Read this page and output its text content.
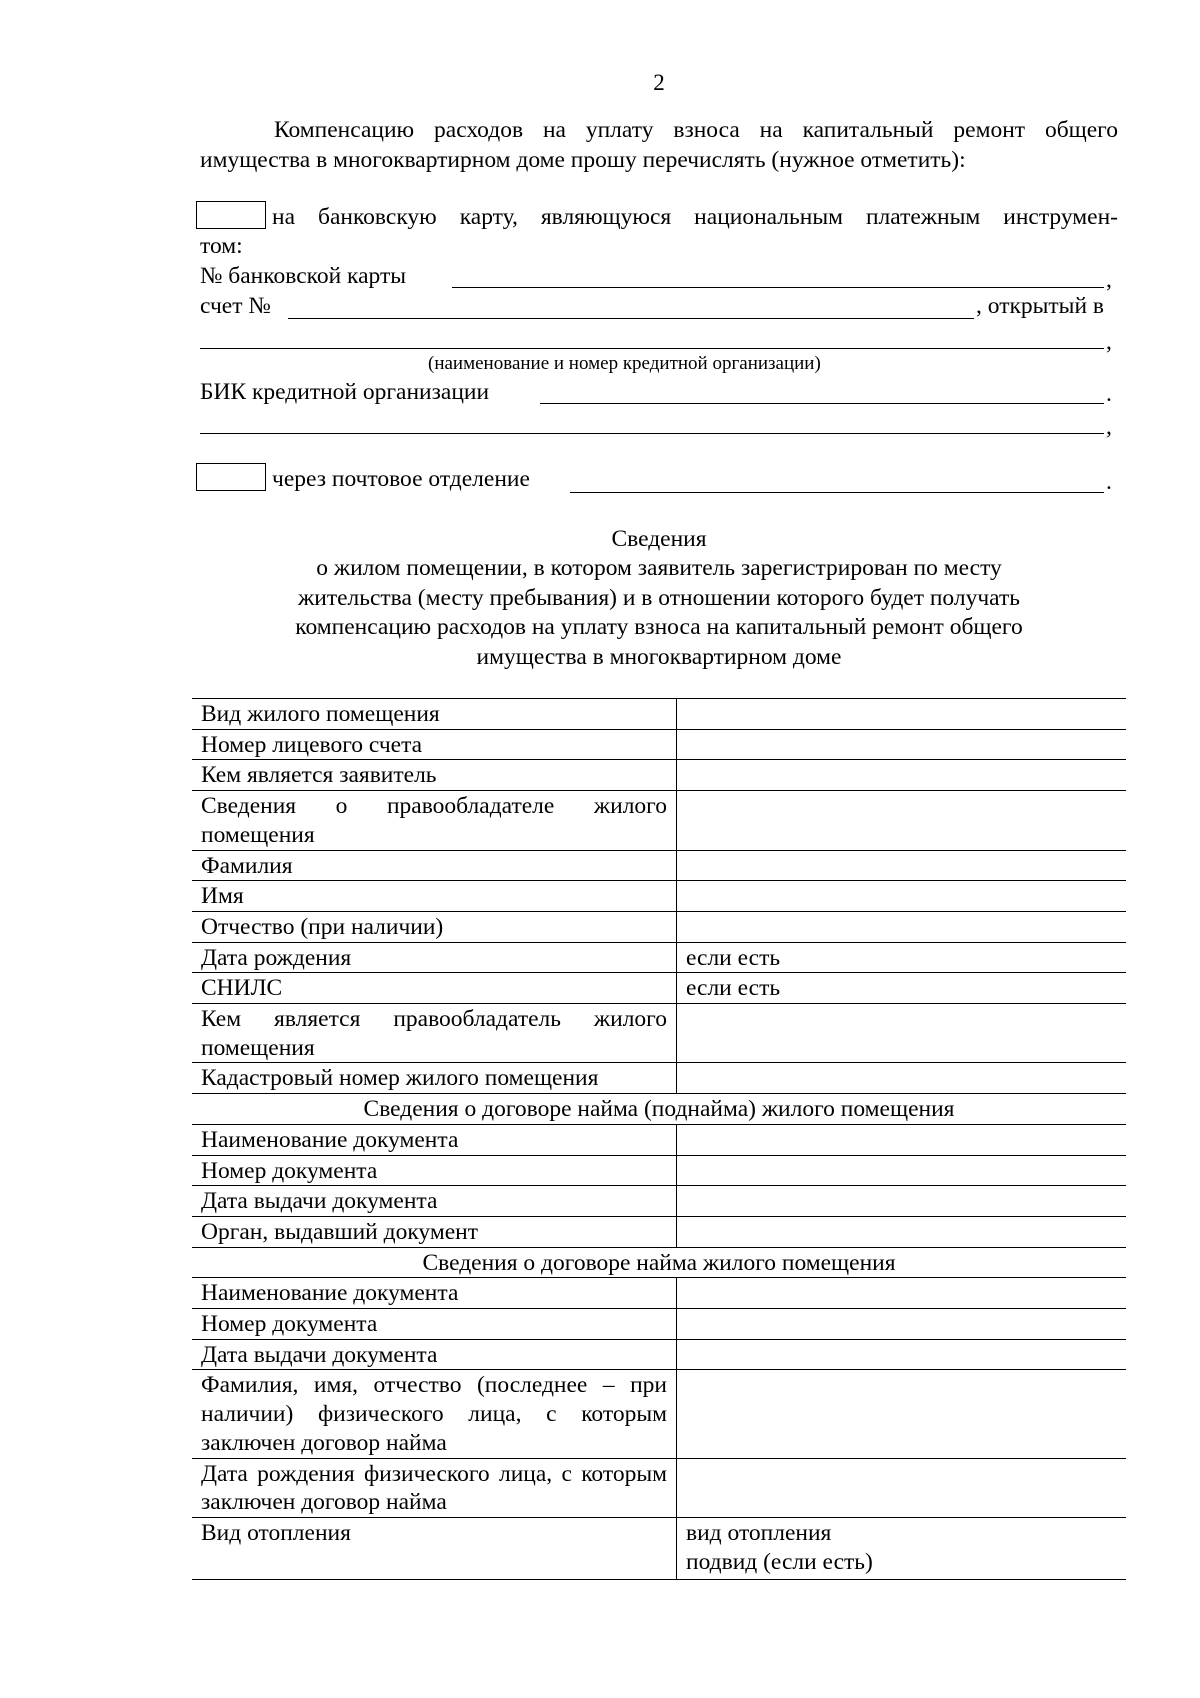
2
Компенсацию расходов на уплату взноса на капитальный ремонт общего имущества в многоквартирном доме прошу перечислять (нужное отметить):
на банковскую карту, являющуюся национальным платежным инструмен-
том:
№ банковской карты	,
счет №	, открытый в
,
(наименование и номер кредитной организации)
БИК кредитной организации	.
,
через почтовое отделение	.
Сведения
о жилом помещении, в котором заявитель зарегистрирован по месту
жительства (месту пребывания) и в отношении которого будет получать
компенсацию расходов на уплату взноса на капитальный ремонт общего
имущества в многоквартирном доме
Вид жилого помещения	
Номер лицевого счета	
Кем является заявитель	
Сведения о правообладателе жилого помещения	
Фамилия	
Имя	
Отчество (при наличии)	
Дата рождения	если есть
СНИЛС	если есть
Кем является правообладатель жилого помещения	
Кадастровый номер жилого помещения	
Сведения о договоре найма (поднайма) жилого помещения	
Наименование документа	
Номер документа	
Дата выдачи документа	
Орган, выдавший документ	
Сведения о договоре найма жилого помещения	
Наименование документа	
Номер документа	
Дата выдачи документа	
Фамилия, имя, отчество (последнее – при наличии) физического лица, с которым заключен договор найма	
Дата рождения физического лица, с которым заключен договор найма	
Вид отопления	вид отопления
подвид (если есть)
